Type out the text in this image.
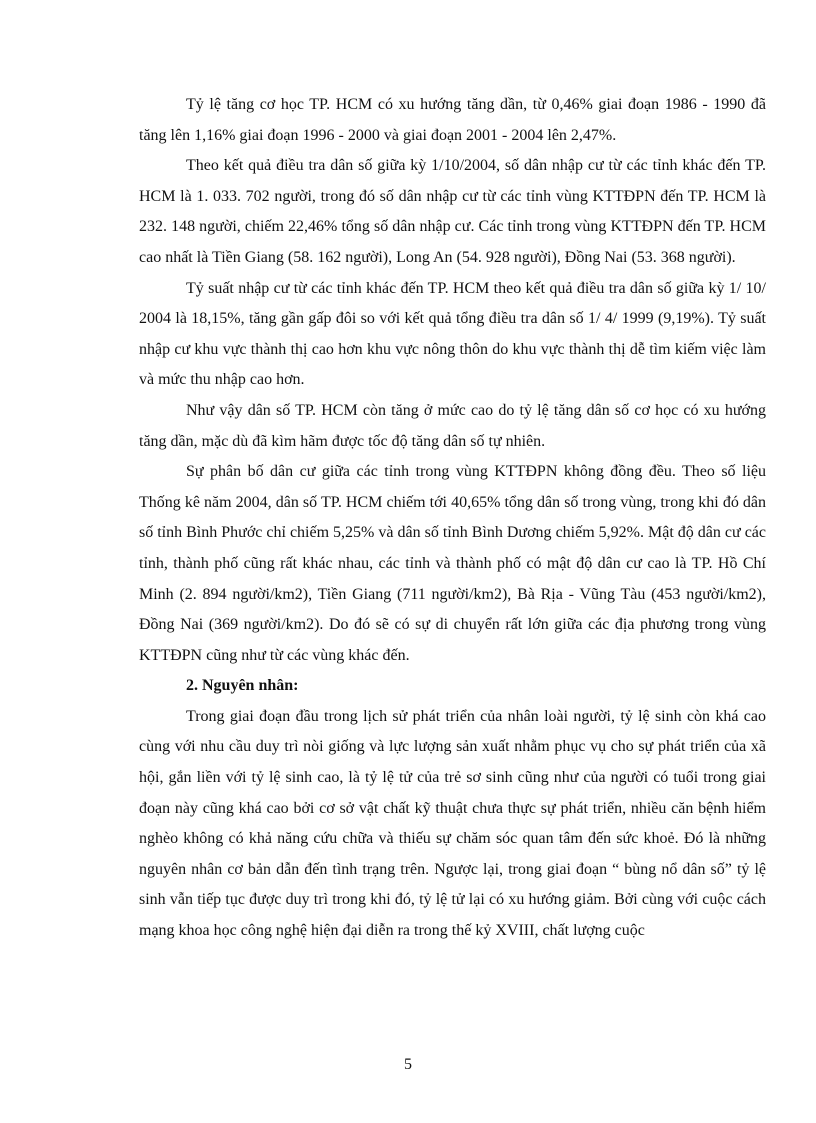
Tỷ lệ tăng cơ học TP. HCM có xu hướng tăng dần, từ 0,46% giai đoạn 1986 - 1990 đã tăng lên 1,16% giai đoạn 1996 - 2000 và giai đoạn 2001 - 2004 lên 2,47%.

Theo kết quả điều tra dân số giữa kỳ 1/10/2004, số dân nhập cư từ các tỉnh khác đến TP. HCM là 1. 033. 702 người, trong đó số dân nhập cư từ các tỉnh vùng KTTĐPN đến TP. HCM là 232. 148 người, chiếm 22,46% tổng số dân nhập cư. Các tỉnh trong vùng KTTĐPN đến TP. HCM cao nhất là Tiền Giang (58. 162 người), Long An (54. 928 người), Đồng Nai (53. 368 người).

Tỷ suất nhập cư từ các tỉnh khác đến TP. HCM theo kết quả điều tra dân số giữa kỳ 1/ 10/ 2004 là 18,15%, tăng gần gấp đôi so với kết quả tổng điều tra dân số 1/ 4/ 1999 (9,19%). Tỷ suất nhập cư khu vực thành thị cao hơn khu vực nông thôn do khu vực thành thị dễ tìm kiếm việc làm và mức thu nhập cao hơn.

Như vậy dân số TP. HCM còn tăng ở mức cao do tỷ lệ tăng dân số cơ học có xu hướng tăng dần, mặc dù đã kìm hãm được tốc độ tăng dân số tự nhiên.

Sự phân bố dân cư giữa các tỉnh trong vùng KTTĐPN không đồng đều. Theo số liệu Thống kê năm 2004, dân số TP. HCM chiếm tới 40,65% tổng dân số trong vùng, trong khi đó dân số tỉnh Bình Phước chỉ chiếm 5,25% và dân số tỉnh Bình Dương chiếm 5,92%. Mật độ dân cư các tỉnh, thành phố cũng rất khác nhau, các tỉnh và thành phố có mật độ dân cư cao là TP. Hồ Chí Minh (2. 894 người/km2), Tiền Giang (711 người/km2), Bà Rịa - Vũng Tàu (453 người/km2), Đồng Nai (369 người/km2). Do đó sẽ có sự di chuyển rất lớn giữa các địa phương trong vùng KTTĐPN cũng như từ các vùng khác đến.

2. Nguyên nhân:

Trong giai đoạn đầu trong lịch sử phát triển của nhân loài người, tỷ lệ sinh còn khá cao cùng với nhu cầu duy trì nòi giống và lực lượng sản xuất nhằm phục vụ cho sự phát triển của xã hội, gắn liền với tỷ lệ sinh cao, là tỷ lệ tử của trẻ sơ sinh cũng như của người có tuổi trong giai đoạn này cũng khá cao bởi cơ sở vật chất kỹ thuật chưa thực sự phát triển, nhiều căn bệnh hiểm nghèo không có khả năng cứu chữa và thiếu sự chăm sóc quan tâm đến sức khoẻ. Đó là những nguyên nhân cơ bản dẫn đến tình trạng trên. Ngược lại, trong giai đoạn “ bùng nổ dân số” tỷ lệ sinh vẫn tiếp tục được duy trì trong khi đó, tỷ lệ tử lại có xu hướng giảm. Bởi cùng với cuộc cách mạng khoa học công nghệ hiện đại diễn ra trong thế kỷ XVIII, chất lượng cuộc

5
